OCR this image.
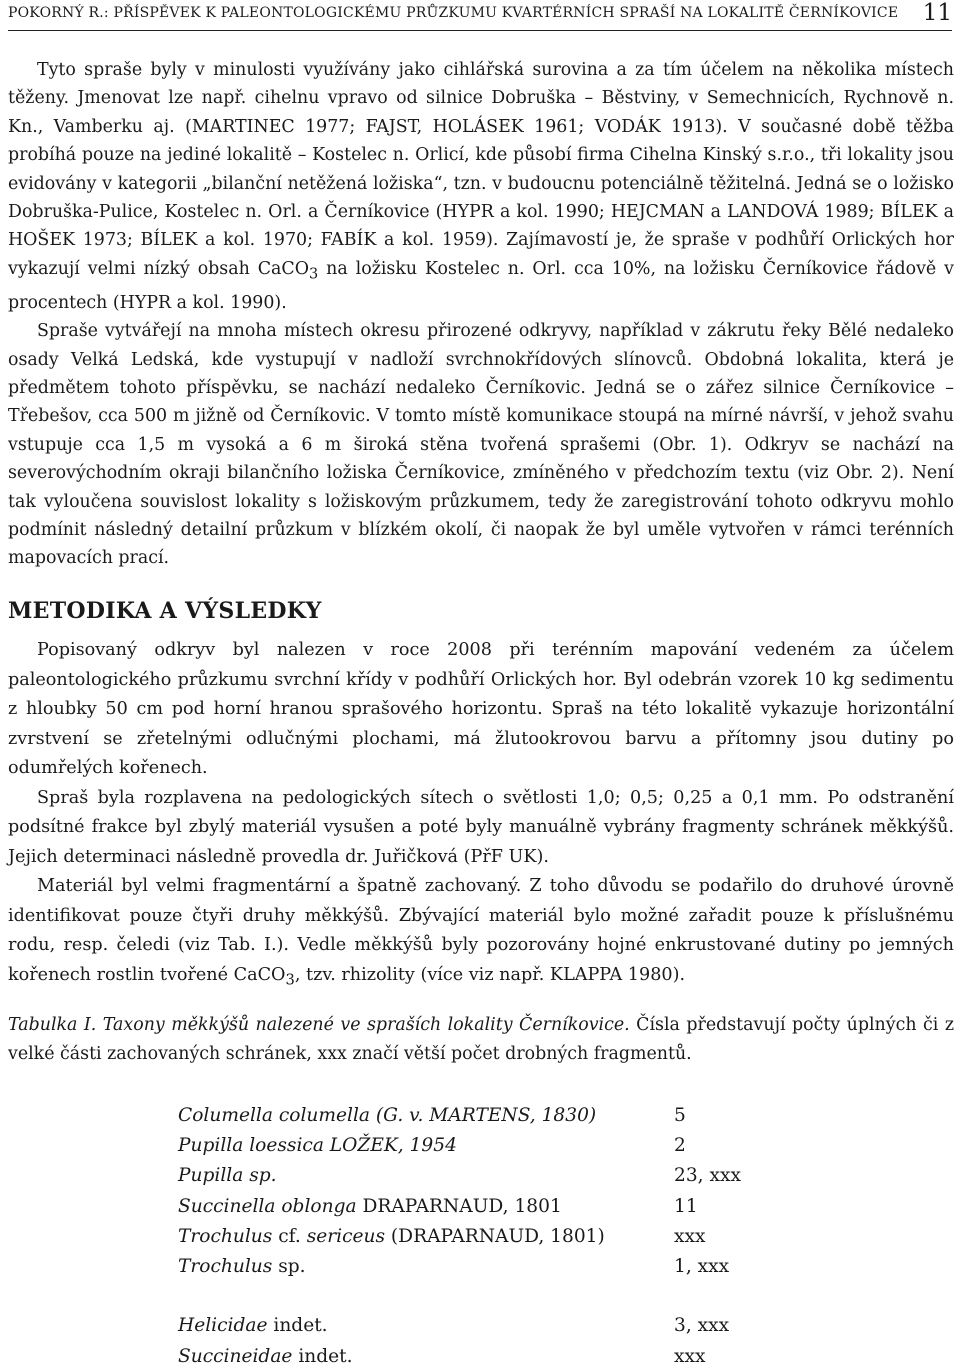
POKORNÝ R.: PŘÍSPĚVEK K PALEONTOLOGICKÉMU PRŮZKUMU KVARTÉRNÍCH SPRAŠÍ NA LOKALITĚ ČERNÍKOVICE 11

Tyto spraše byly v minulosti využívány jako cihlářská surovina a za tím účelem na několika místech těženy. Jmenovat lze např. cihelnu vpravo od silnice Dobruška – Běstviny, v Semechnicích, Rychnově n. Kn., Vamberku aj. (MARTINEC 1977; FAJST, HOLÁSEK 1961; VODÁK 1913). V současné době těžba probíhá pouze na jediné lokalitě – Kostelec n. Orlicí, kde působí firma Cihelna Kinský s.r.o., tři lokality jsou evidovány v kategorii „bilanční netěžená ložiska“, tzn. v budoucnu potenciálně těžitelná. Jedná se o ložisko Dobruška-Pulice, Kostelec n. Orl. a Černíkovice (HYPR a kol. 1990; HEJCMAN a LANDOVÁ 1989; BÍLEK a HOŠEK 1973; BÍLEK a kol. 1970; FABÍK a kol. 1959). Zajímavostí je, že spraše v podhůří Orlických hor vykazují velmi nízký obsah CaCO$_3$ na ložisku Kostelec n. Orl. cca 10%, na ložisku Černíkovice řádově v procentech (HYPR a kol. 1990).

Spraše vytvářejí na mnoha místech okresu přirozené odkryvy, například v zákrutu řeky Bělé nedaleko osady Velká Ledská, kde vystupují v nadloží svrchnokřídových slínovců. Obdobná lokalita, která je předmětem tohoto příspěvku, se nachází nedaleko Černíkovic. Jedná se o zářez silnice Černíkovice – Třebešov, cca 500 m jižně od Černíkovic. V tomto místě komunikace stoupá na mírné návrší, v jehož svahu vstupuje cca 1,5 m vysoká a 6 m široká stěna tvořená sprašemi (Obr. 1). Odkryv se nachází na severovýchodním okraji bilančního ložiska Černíkovice, zmíněného v předchozím textu (viz Obr. 2). Není tak vyloučena souvislost lokality s ložiskovým průzkumem, tedy že zaregistrování tohoto odkryvu mohlo podmínit následný detailní průzkum v blízkém okolí, či naopak že byl uměle vytvořen v rámci terénních mapovacích prací.

METODIKA A VÝSLEDKY

Popisovaný odkryv byl nalezen v roce 2008 při terénním mapování vedeném za účelem paleontologického průzkumu svrchní křídy v podhůří Orlických hor. Byl odebrán vzorek 10 kg sedimentu z hloubky 50 cm pod horní hranou sprašového horizontu. Spraš na této lokalitě vykazuje horizontální zvrstvení se zřetelnými odlučnými plochami, má žlutookrovou barvu a přítomny jsou dutiny po odumřelých kořenech.

Spraš byla rozplavena na pedologických sítech o světlosti 1,0; 0,5; 0,25 a 0,1 mm. Po odstranění podsítné frakce byl zbylý materiál vysušen a poté byly manuálně vybrány fragmenty schránek měkkýšů. Jejich determinaci následně provedla dr. Juřičková (PřF UK).

Materiál byl velmi fragmentární a špatně zachovaný. Z toho důvodu se podařilo do druhové úrovně identifikovat pouze čtyři druhy měkkýšů. Zbývající materiál bylo možné zařadit pouze k příslušnému rodu, resp. čeledi (viz Tab. I.). Vedle měkkýšů byly pozorovány hojné enkrustované dutiny po jemných kořenech rostlin tvořené CaCO$_3$, tzv. rhizolity (více viz např. KLAPPA 1980).

Tabulka I. Taxony měkkýšů nalezené ve spraších lokality Černíkovice. Čísla představují počty úplných či z velké části zachovaných schránek, xxx značí větší počet drobných fragmentů.
Columella columella (G. v. MARTENS, 1830)	5
Pupilla loessica LOŽEK, 1954	2
Pupilla sp.	23, xxx
Succinella oblonga DRAPARNAUD, 1801	11
Trochulus cf. sericeus (DRAPARNAUD, 1801)	xxx
Trochulus sp.	1, xxx

Helicidae indet.	3, xxx
Succineidae indet.	xxx
